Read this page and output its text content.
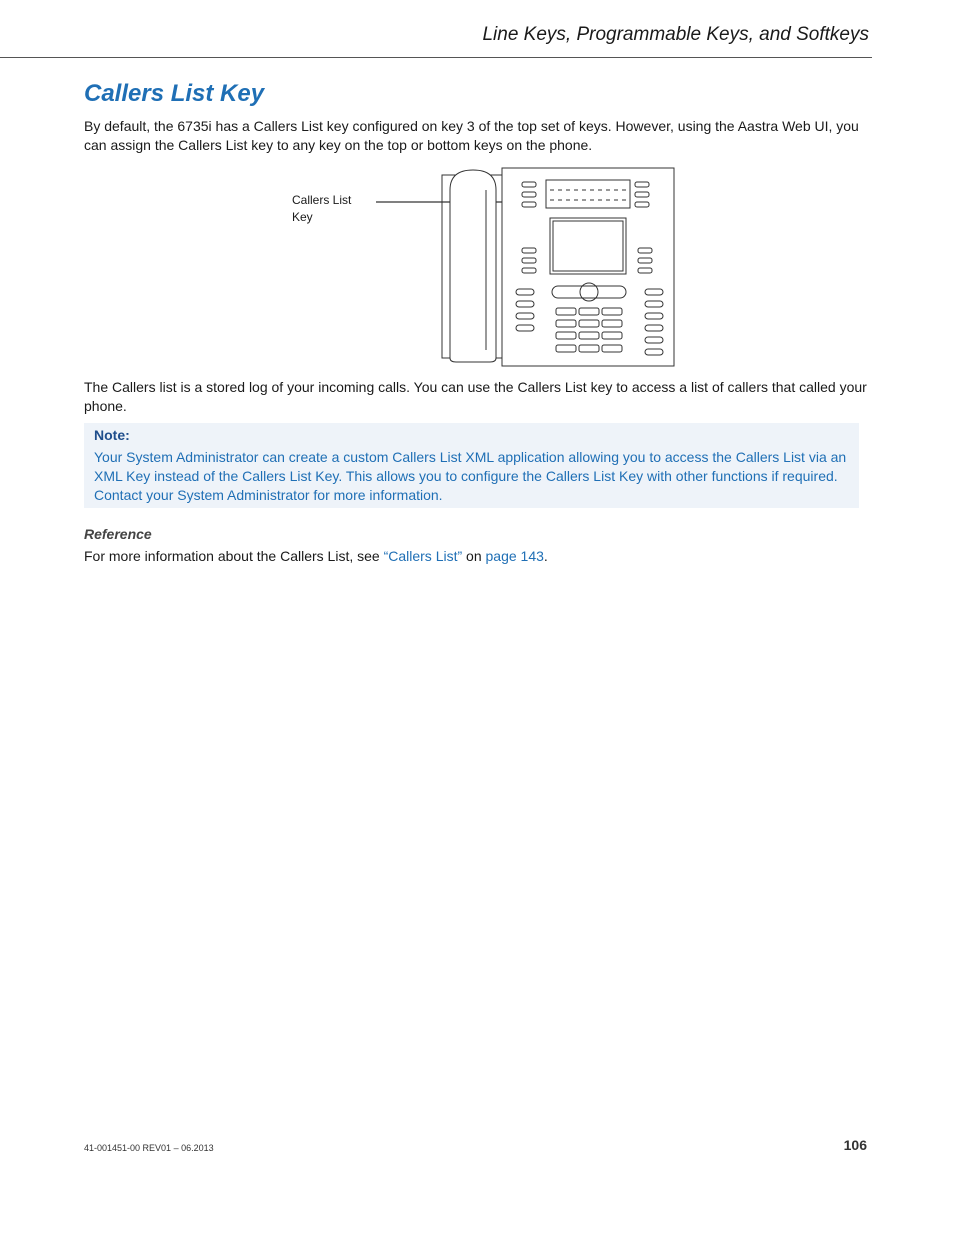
Line Keys, Programmable Keys, and Softkeys
Callers List Key

By default, the 6735i has a Callers List key configured on key 3 of the top set of keys. However, using the Aastra Web UI, you can assign the Callers List key to any key on the top or bottom keys on the phone.

Callers List Key

The Callers list is a stored log of your incoming calls. You can use the Callers List key to access a list of callers that called your phone.

Note:

Your System Administrator can create a custom Callers List XML application allowing you to access the Callers List via an XML Key instead of the Callers List Key. This allows you to configure the Callers List Key with other functions if required. Contact your System Administrator for more information.

Reference
For more information about the Callers List, see “Callers List” on page 143.
41-001451-00 REV01 – 06.2013	106
